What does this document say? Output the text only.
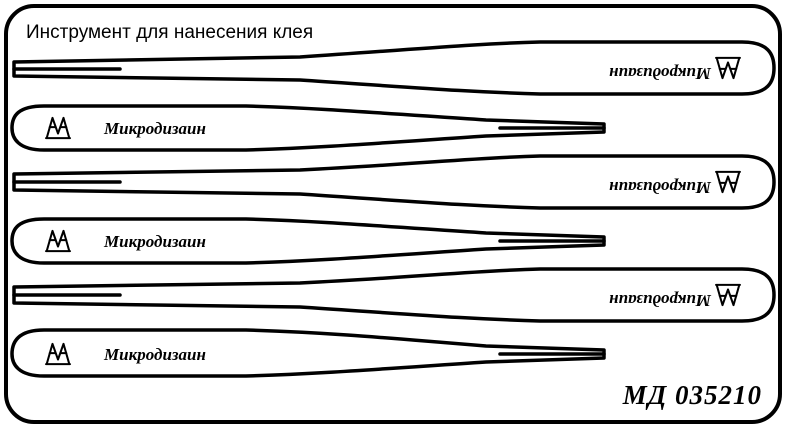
Инструмент для нанесения клея
Микродизаин
Микродизаин
Микродизаин
Микродизаин
Микродизаин
Микродизаин
МД 035210
